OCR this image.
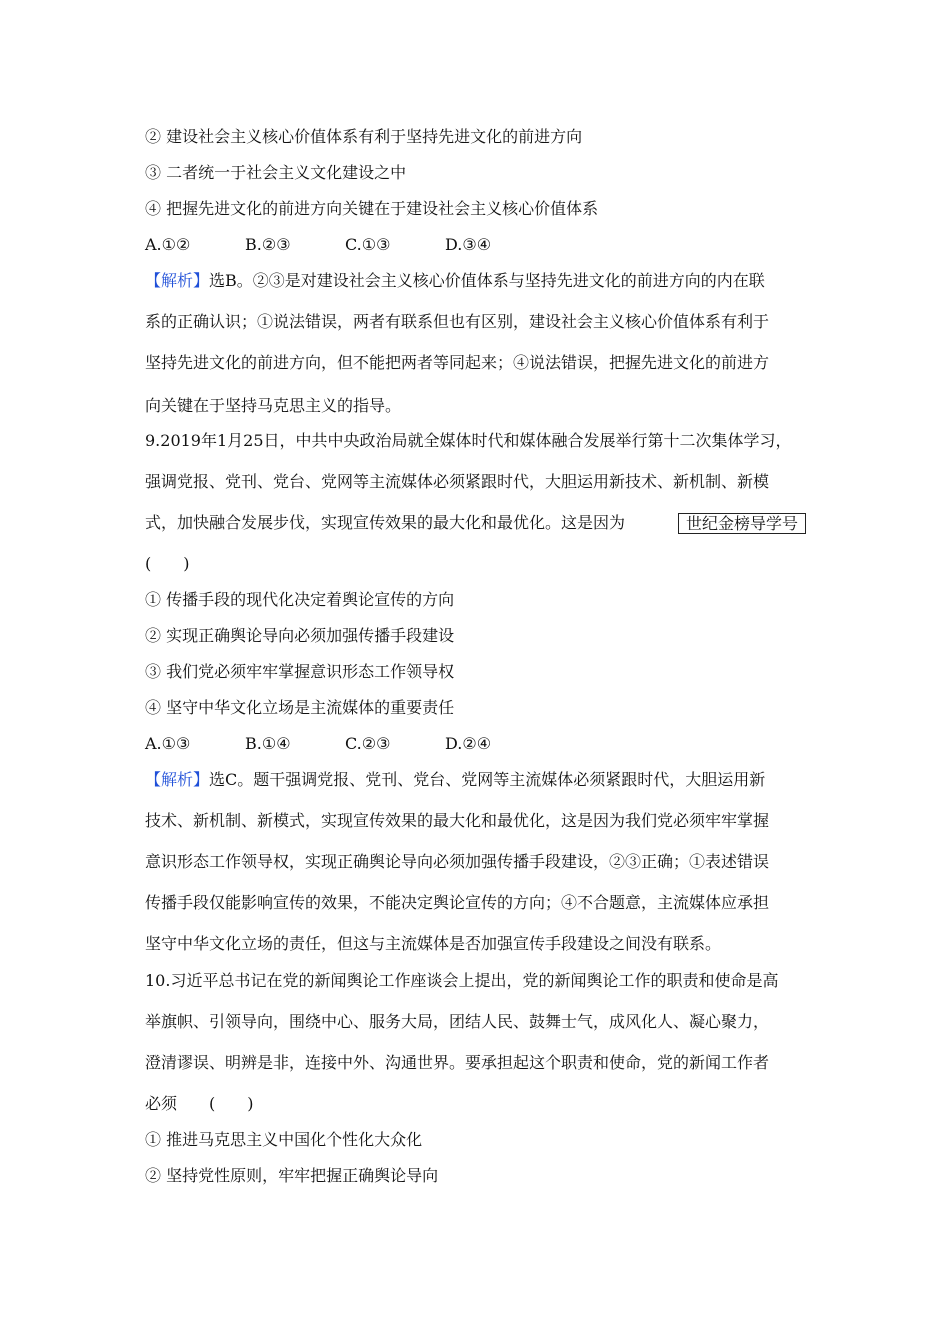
② 建设社会主义核心价值体系有利于坚持先进文化的前进方向
③ 二者统一于社会主义文化建设之中
④ 把握先进文化的前进方向关键在于建设社会主义核心价值体系
A.①②	B.②③	C.①③	D.③④
【解析】选B。②③是对建设社会主义核心价值体系与坚持先进文化的前进方向的内在联
系的正确认识；①说法错误，两者有联系但也有区别，建设社会主义核心价值体系有利于
坚持先进文化的前进方向，但不能把两者等同起来；④说法错误，把握先进文化的前进方
向关键在于坚持马克思主义的指导。
9.2019年1月25日，中共中央政治局就全媒体时代和媒体融合发展举行第十二次集体学习，
强调党报、党刊、党台、党网等主流媒体必须紧跟时代，大胆运用新技术、新机制、新模
式，加快融合发展步伐，实现宣传效果的最大化和最优化。这是因为	世纪金榜导学号
(　　)
① 传播手段的现代化决定着舆论宣传的方向
② 实现正确舆论导向必须加强传播手段建设
③ 我们党必须牢牢掌握意识形态工作领导权
④ 坚守中华文化立场是主流媒体的重要责任
A.①③	B.①④	C.②③	D.②④
【解析】选C。题干强调党报、党刊、党台、党网等主流媒体必须紧跟时代，大胆运用新
技术、新机制、新模式，实现宣传效果的最大化和最优化，这是因为我们党必须牢牢掌握
意识形态工作领导权，实现正确舆论导向必须加强传播手段建设，②③正确；①表述错误
传播手段仅能影响宣传的效果，不能决定舆论宣传的方向；④不合题意，主流媒体应承担
坚守中华文化立场的责任，但这与主流媒体是否加强宣传手段建设之间没有联系。
10.习近平总书记在党的新闻舆论工作座谈会上提出，党的新闻舆论工作的职责和使命是高
举旗帜、引领导向，围绕中心、服务大局，团结人民、鼓舞士气，成风化人、凝心聚力，
澄清谬误、明辨是非，连接中外、沟通世界。要承担起这个职责和使命，党的新闻工作者
必须　　(　　)
① 推进马克思主义中国化个性化大众化
② 坚持党性原则，牢牢把握正确舆论导向
